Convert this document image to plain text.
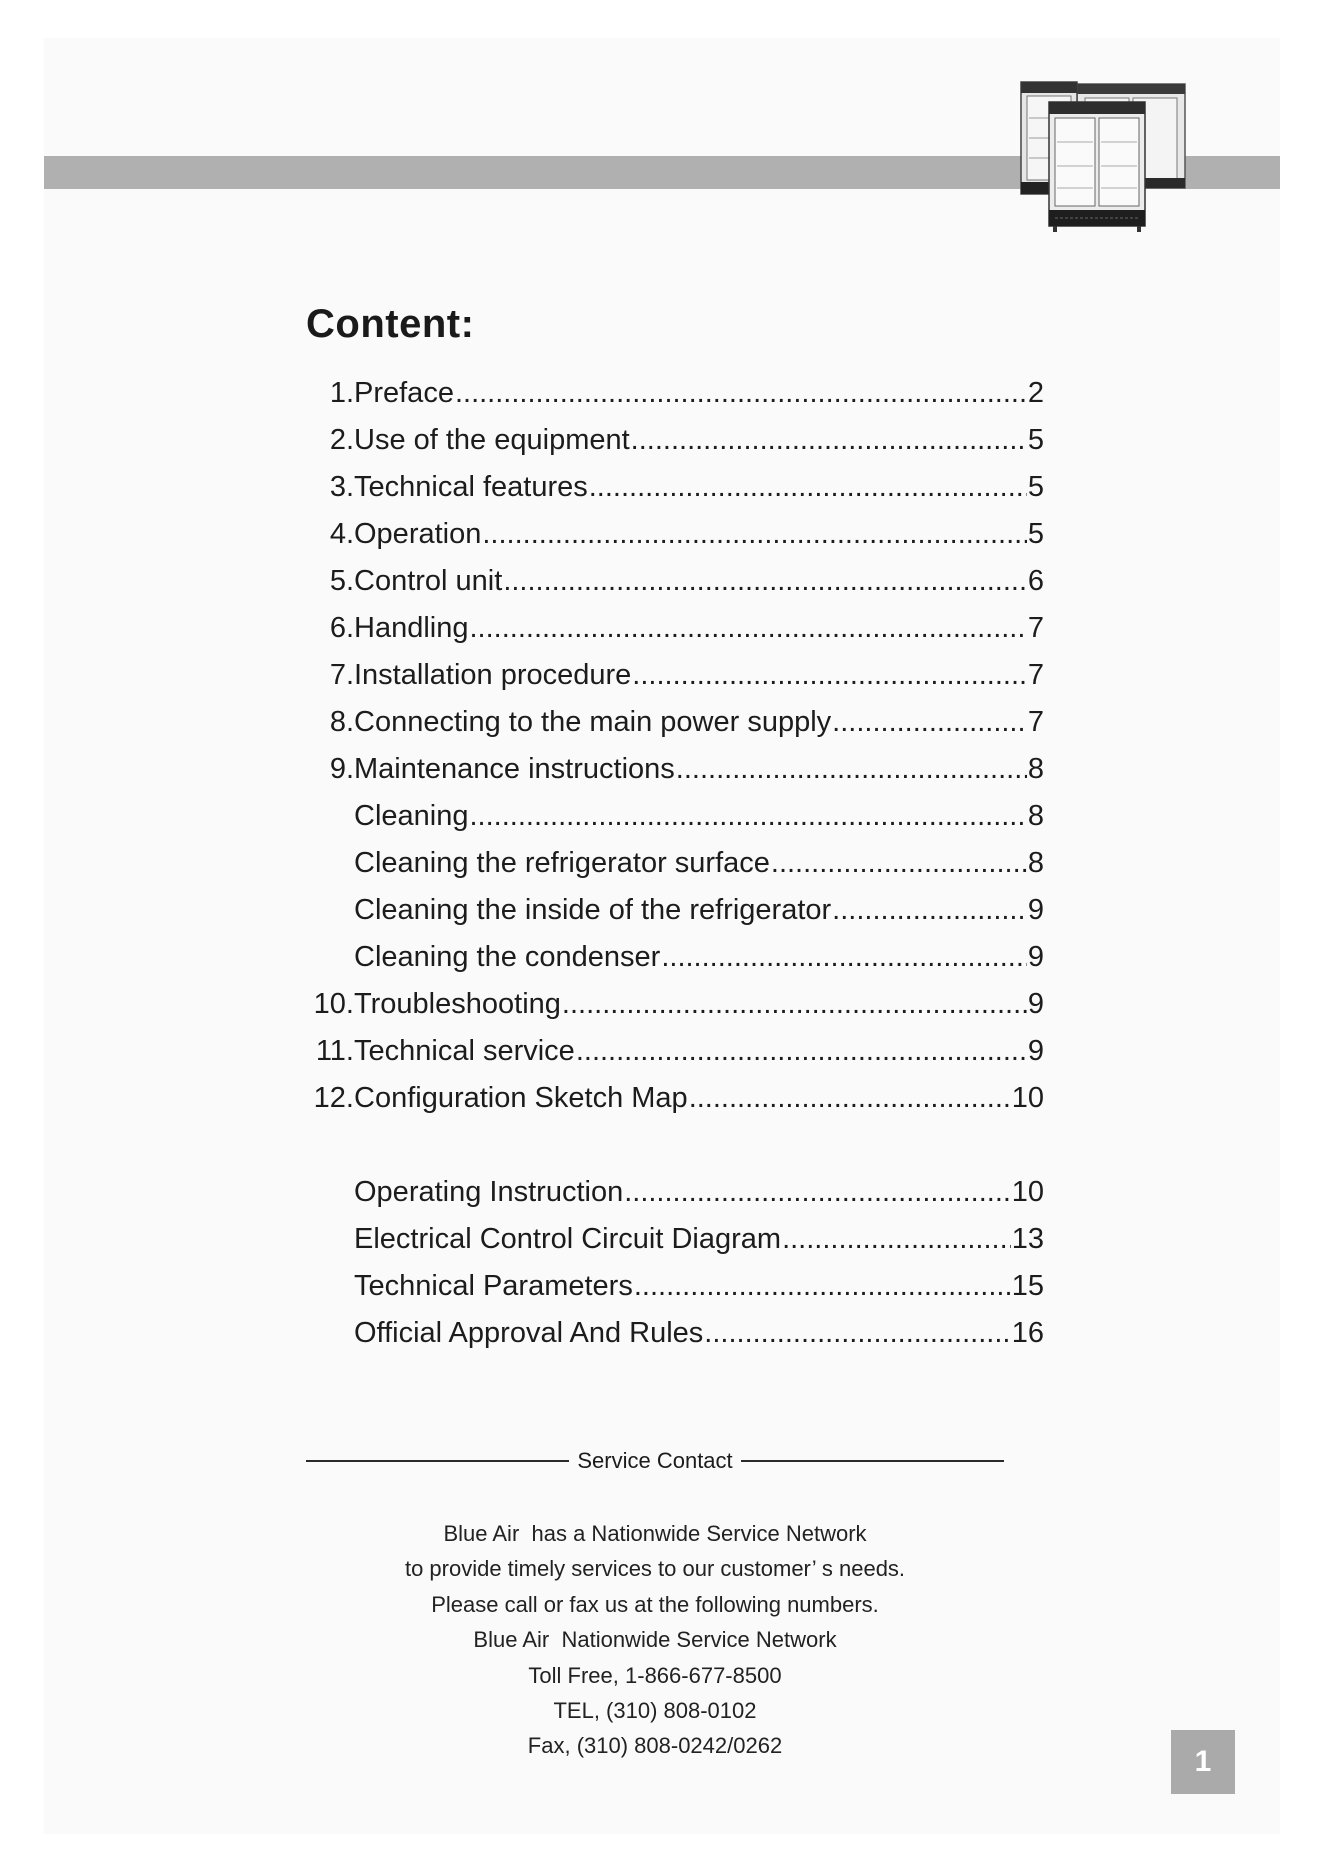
Content:
1. Preface .....	2
2. Use of the equipment .....	5
3. Technical features .....	5
4. Operation .....	5
5. Control unit .....	6
6. Handling .....	7
7. Installation procedure .....	7
8. Connecting to the main power supply .....	7
9. Maintenance instructions .....	8
Cleaning .....	8
Cleaning the refrigerator surface .....	8
Cleaning the inside of the refrigerator .....	9
Cleaning the condenser .....	9
10. Troubleshooting .....	9
11. Technical service .....	9
12. Configuration Sketch Map .....	10
Operating Instruction .....	10
Electrical Control Circuit Diagram .....	13
Technical Parameters .....	15
Official Approval And Rules .....	16
Service Contact
Blue Air  has a Nationwide Service Network
to provide timely services to our customer’ s needs.
Please call or fax us at the following numbers.
Blue Air  Nationwide Service Network
Toll Free, 1-866-677-8500
TEL, (310) 808-0102
Fax, (310) 808-0242/0262	1
